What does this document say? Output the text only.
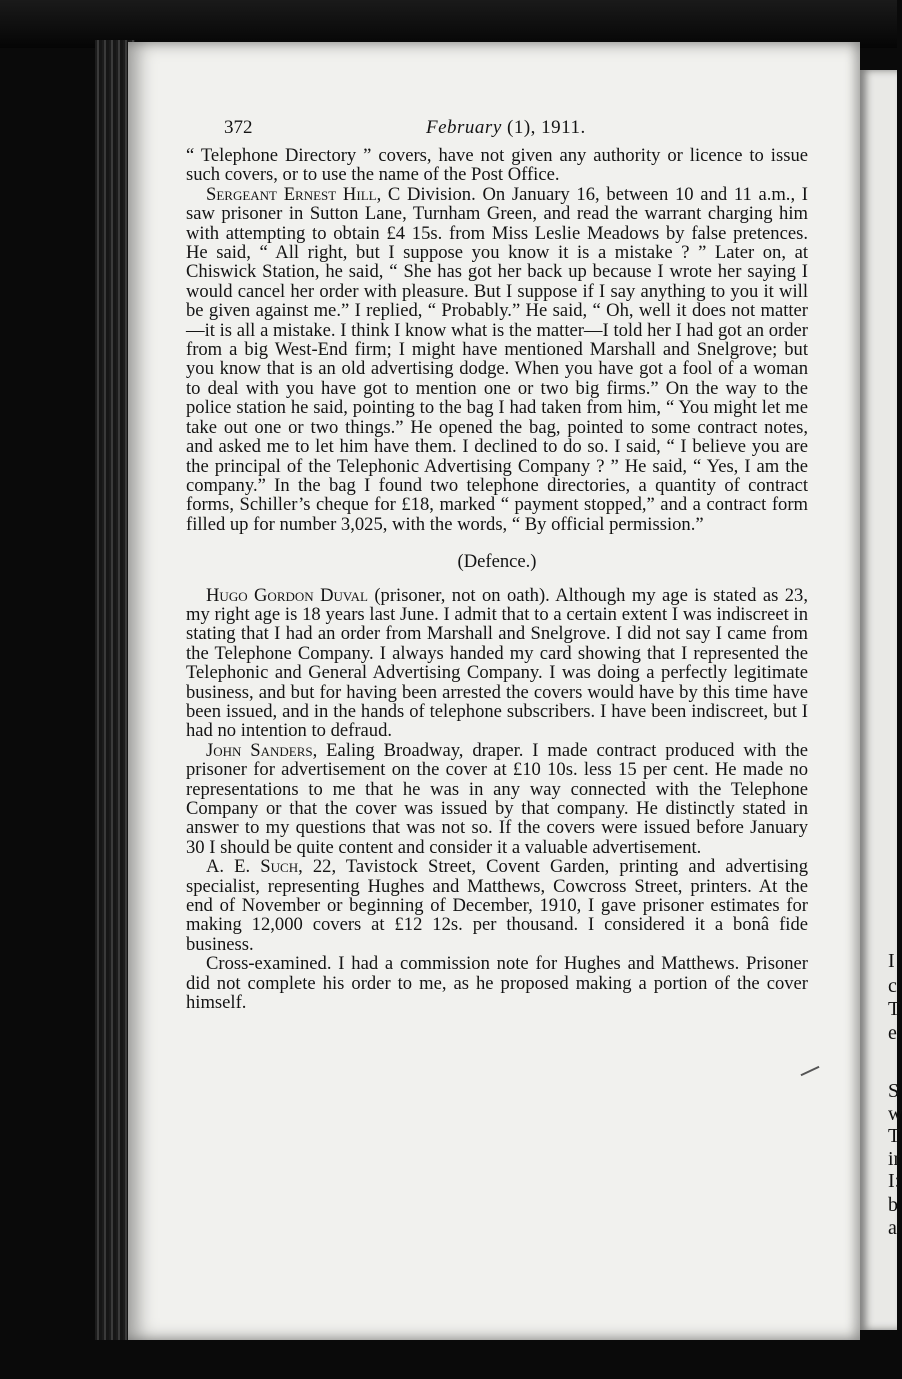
I
c
T
e
S
w
T
ir
I:
b
a
372	February (1), 1911.

“ Telephone Directory ” covers, have not given any authority or licence to issue such covers, or to use the name of the Post Office.

Sergeant Ernest Hill, C Division. On January 16, between 10 and 11 a.m., I saw prisoner in Sutton Lane, Turnham Green, and read the warrant charging him with attempting to obtain £4 15s. from Miss Leslie Meadows by false pretences. He said, “ All right, but I suppose you know it is a mistake ? ” Later on, at Chiswick Station, he said, “ She has got her back up because I wrote her saying I would cancel her order with pleasure. But I suppose if I say anything to you it will be given against me.” I replied, “ Probably.” He said, “ Oh, well it does not matter—it is all a mistake. I think I know what is the matter—I told her I had got an order from a big West-End firm; I might have mentioned Marshall and Snelgrove; but you know that is an old advertising dodge. When you have got a fool of a woman to deal with you have got to mention one or two big firms.” On the way to the police station he said, pointing to the bag I had taken from him, “ You might let me take out one or two things.” He opened the bag, pointed to some contract notes, and asked me to let him have them. I declined to do so. I said, “ I believe you are the principal of the Telephonic Advertising Company ? ” He said, “ Yes, I am the company.” In the bag I found two telephone directories, a quantity of contract forms, Schiller’s cheque for £18, marked “ payment stopped,” and a contract form filled up for number 3,025, with the words, “ By official permission.”

(Defence.)

Hugo Gordon Duval (prisoner, not on oath). Although my age is stated as 23, my right age is 18 years last June. I admit that to a certain extent I was indiscreet in stating that I had an order from Marshall and Snelgrove. I did not say I came from the Telephone Company. I always handed my card showing that I represented the Telephonic and General Advertising Company. I was doing a perfectly legitimate business, and but for having been arrested the covers would have by this time have been issued, and in the hands of telephone subscribers. I have been indiscreet, but I had no intention to defraud.

John Sanders, Ealing Broadway, draper. I made contract produced with the prisoner for advertisement on the cover at £10 10s. less 15 per cent. He made no representations to me that he was in any way connected with the Telephone Company or that the cover was issued by that company. He distinctly stated in answer to my questions that was not so. If the covers were issued before January 30 I should be quite content and consider it a valuable advertisement.

A. E. Such, 22, Tavistock Street, Covent Garden, printing and advertising specialist, representing Hughes and Matthews, Cowcross Street, printers. At the end of November or beginning of December, 1910, I gave prisoner estimates for making 12,000 covers at £12 12s. per thousand. I considered it a bonâ fide business.

Cross-examined. I had a commission note for Hughes and Matthews. Prisoner did not complete his order to me, as he proposed making a portion of the cover himself.
